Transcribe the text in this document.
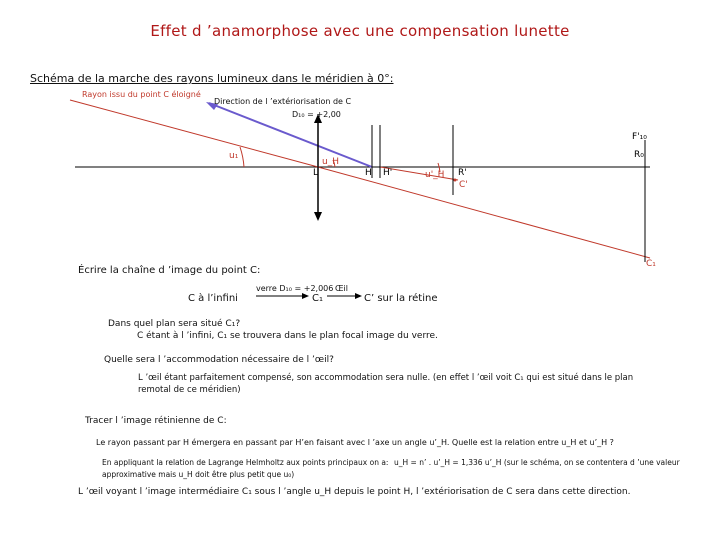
Effet d ’anamorphose avec une compensation lunette
Schéma de la marche des rayons lumineux dans le méridien à 0°:
Rayon issu du point C éloigné
Direction de l ’extériorisation de C
D₁₀ = +2,00
u₁
u_H
L	H H'	u'_H R'
C'
F'₁₀
R₀
C₁
Écrire la chaîne d ’image du point C:
C à l’infini
verre D₁₀ = +2,006
C₁
Œil
C’ sur la rétine
Dans quel plan sera situé C₁?
C étant à l ’infini, C₁ se trouvera dans le plan focal image du verre.
Quelle sera l ’accommodation nécessaire de l ’œil?
L ’œil étant parfaitement compensé, son accommodation sera nulle. (en effet l ’œil voit C₁ qui est situé dans le plan
remotal de ce méridien)
Tracer l ’image rétinienne de C:
Le rayon passant par H émergera en passant par H’en faisant avec l ’axe un angle u’_H. Quelle est la relation entre u_H et u’_H ?
En appliquant la relation de Lagrange Helmholtz aux points principaux on a:
approximative mais u_H doit être plus petit que u₀)
u_H = n’ . u’_H = 1,336 u’_H (sur le schéma, on se contentera d ’une valeur
L ’œil voyant l ’image intermédiaire C₁ sous l ’angle u_H depuis le point H, l ’extériorisation de C sera dans cette direction.
